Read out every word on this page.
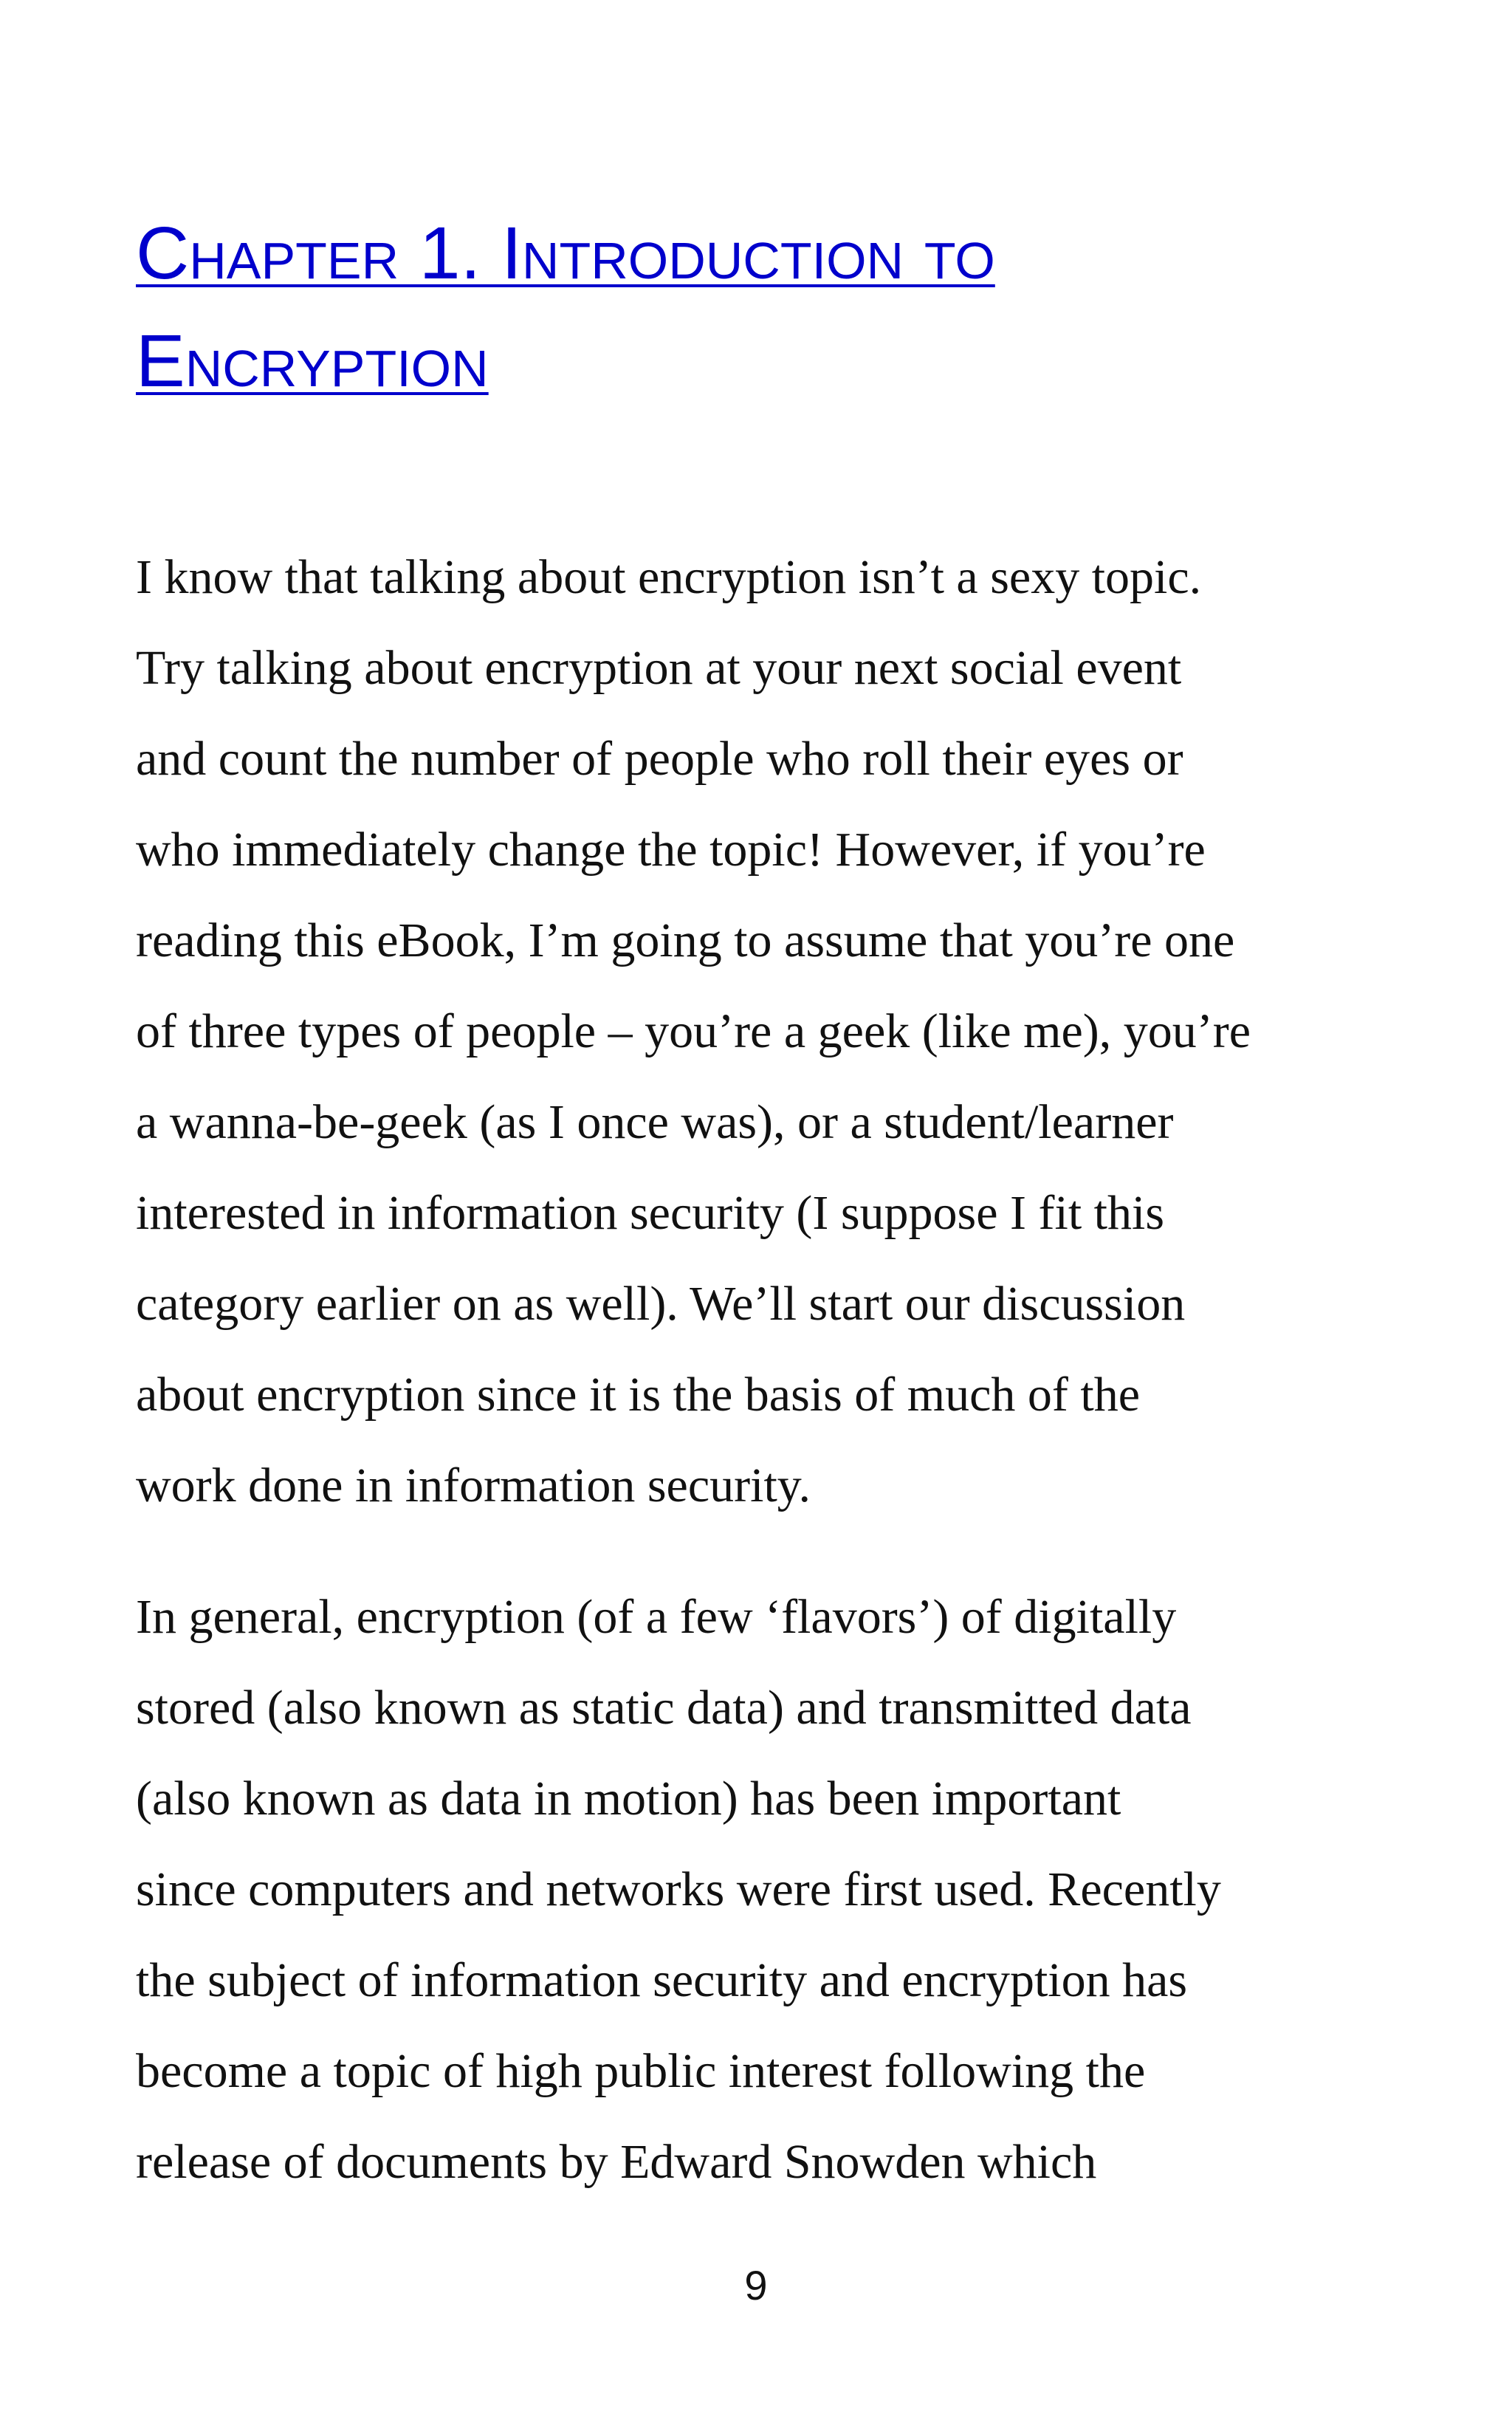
Chapter 1. Introduction to
Encryption

I know that talking about encryption isn’t a sexy topic.
Try talking about encryption at your next social event
and count the number of people who roll their eyes or
who immediately change the topic! However, if you’re
reading this eBook, I’m going to assume that you’re one
of three types of people – you’re a geek (like me), you’re
a wanna-be-geek (as I once was), or a student/learner
interested in information security (I suppose I fit this
category earlier on as well). We’ll start our discussion
about encryption since it is the basis of much of the
work done in information security.

In general, encryption (of a few ‘flavors’) of digitally
stored (also known as static data) and transmitted data
(also known as data in motion) has been important
since computers and networks were first used. Recently
the subject of information security and encryption has
become a topic of high public interest following the
release of documents by Edward Snowden which

9
